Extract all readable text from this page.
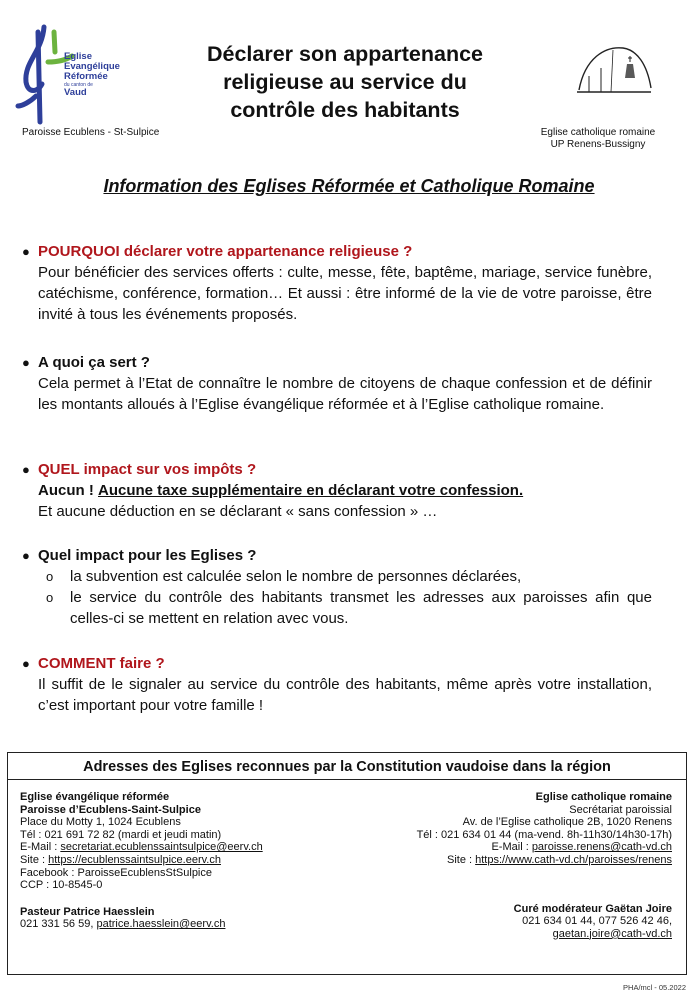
Eglise
Evangélique
Réformée
du canton de
Vaud
Paroisse Ecublens - St-Sulpice
Déclarer son appartenance
religieuse au service du
contrôle des habitants
Eglise catholique romaine
UP Renens-Bussigny
Information des Eglises Réformée et Catholique Romaine
● POURQUOI déclarer votre appartenance religieuse ?
Pour bénéficier des services offerts : culte, messe, fête, baptême, mariage, service funèbre, catéchisme, conférence, formation… Et aussi : être informé de la vie de votre paroisse, être invité à tous les événements proposés.
● A quoi ça sert ?
Cela permet à l’Etat de connaître le nombre de citoyens de chaque confession et de définir les montants alloués à l’Eglise évangélique réformée et à l’Eglise catholique romaine.
● QUEL impact sur vos impôts ?
Aucun ! Aucune taxe supplémentaire en déclarant votre confession.
Et aucune déduction en se déclarant « sans confession » …
● Quel impact pour les Eglises ?
o la subvention est calculée selon le nombre de personnes déclarées,
o le service du contrôle des habitants transmet les adresses aux paroisses afin que celles-ci se mettent en relation avec vous.
● COMMENT faire ?
Il suffit de le signaler au service du contrôle des habitants, même après votre installation, c’est important pour votre famille !
Adresses des Eglises reconnues par la Constitution vaudoise dans la région
Eglise évangélique réformée
Paroisse d’Ecublens-Saint-Sulpice
Place du Motty 1, 1024 Ecublens
Tél : 021 691 72 82 (mardi et jeudi matin)
E-Mail : secretariat.ecublenssaintsulpice@eerv.ch
Site : https://ecublenssaintsulpice.eerv.ch
Facebook : ParoisseEcublensStSulpice
CCP : 10-8545-0
Pasteur Patrice Haesslein
021 331 56 59, patrice.haesslein@eerv.ch
Eglise catholique romaine
Secrétariat paroissial
Av. de l’Eglise catholique 2B, 1020 Renens
Tél : 021 634 01 44 (ma-vend. 8h-11h30/14h30-17h)
E-Mail : paroisse.renens@cath-vd.ch
Site : https://www.cath-vd.ch/paroisses/renens
Curé modérateur Gaëtan Joire
021 634 01 44, 077 526 42 46,
gaetan.joire@cath-vd.ch
PHA/mcl - 05.2022
